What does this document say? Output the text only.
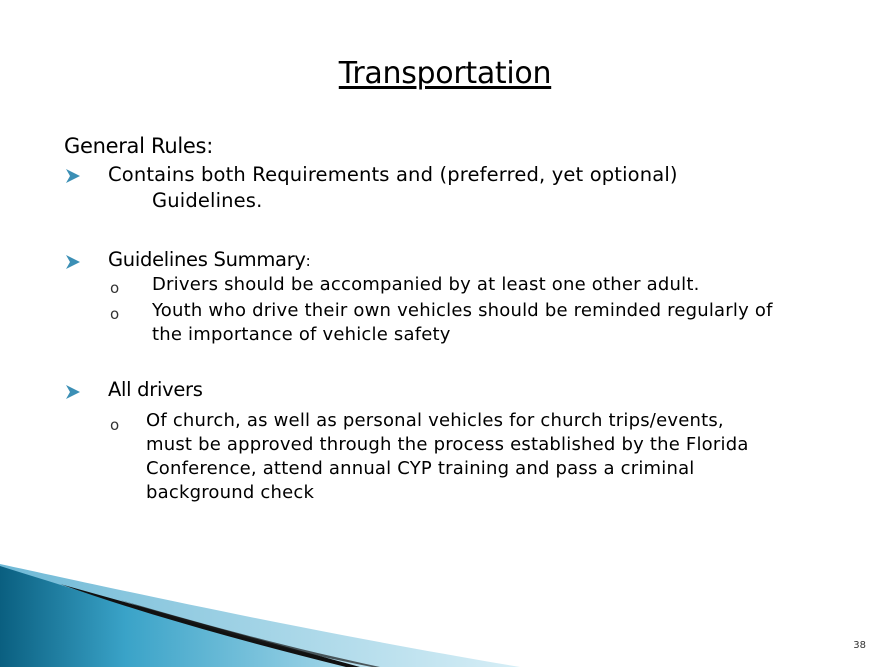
Transportation
General Rules:
Contains both Requirements and (preferred, yet optional)
Guidelines.
Guidelines Summary:
o Drivers should be accompanied by at least one other adult.
o Youth who drive their own vehicles should be reminded regularly of
the importance of vehicle safety
All drivers
o Of church, as well as personal vehicles for church trips/events,
must be approved through the process established by the Florida
Conference, attend annual CYP training and pass a criminal
background check
38
